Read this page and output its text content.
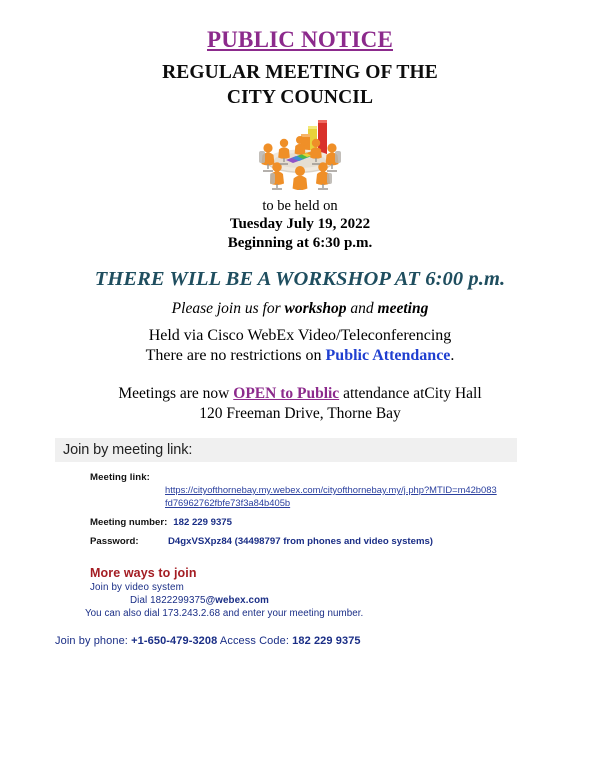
PUBLIC NOTICE
REGULAR MEETING OF THE
CITY COUNCIL
to be held on
Tuesday July 19, 2022
Beginning at 6:30 p.m.
THERE WILL BE A WORKSHOP AT 6:00 p.m.
Please join us for workshop and meeting
Held via Cisco WebEx Video/Teleconferencing
There are no restrictions on Public Attendance.
Meetings are now OPEN to Public attendance atCity Hall
120 Freeman Drive, Thorne Bay
Join by meeting link:
Meeting link:
https://cityofthornebay.my.webex.com/cityofthornebay.my/j.php?MTID=m42b083
fd76962762fbfe73f3a84b405b
Meeting number: 182 229 9375
Password:	D4gxVSXpz84 (34498797 from phones and video systems)
More ways to join
Join by video system
Dial 1822299375@webex.com
You can also dial 173.243.2.68 and enter your meeting number.
Join by phone: +1-650-479-3208 Access Code: 182 229 9375
